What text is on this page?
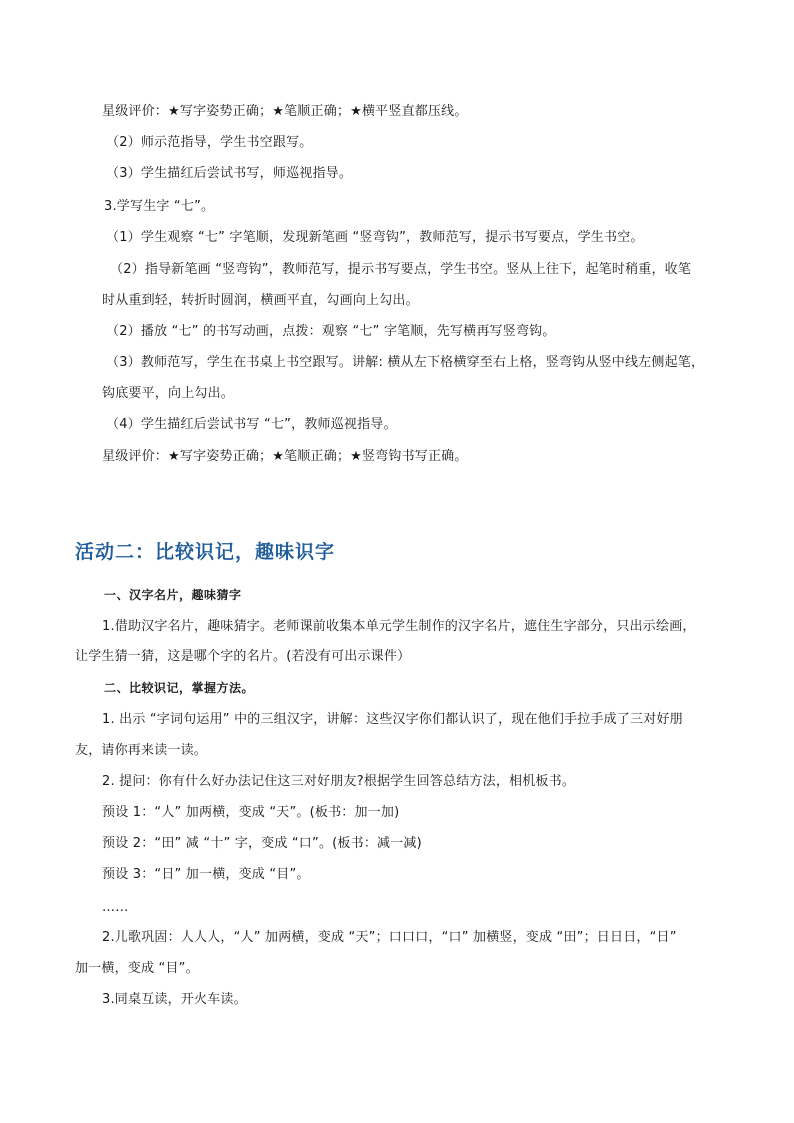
星级评价：★写字姿势正确；★笔顺正确；★横平竖直都压线。
（2）师示范指导，学生书空跟写。
（3）学生描红后尝试书写，师巡视指导。
3.学写生字 “七”。
（1）学生观察 “七” 字笔顺，发现新笔画 “竖弯钩”，教师范写，提示书写要点，学生书空。
（2）指导新笔画 “竖弯钩”，教师范写，提示书写要点，学生书空。竖从上往下，起笔时稍重，收笔
时从重到轻，转折时圆润，横画平直，勾画向上勾出。
（2）播放 “七” 的书写动画，点拨：观察 “七” 字笔顺，先写横再写竖弯钩。
（3）教师范写，学生在书桌上书空跟写。讲解: 横从左下格横穿至右上格，竖弯钩从竖中线左侧起笔，
钩底要平，向上勾出。
（4）学生描红后尝试书写 “七”，教师巡视指导。
星级评价：★写字姿势正确；★笔顺正确；★竖弯钩书写正确。
活动二：比较识记，趣味识字
一、汉字名片，趣味猜字
1.借助汉字名片，趣味猜字。老师课前收集本单元学生制作的汉字名片，遮住生字部分，只出示绘画，
让学生猜一猜，这是哪个字的名片。(若没有可出示课件）
二、比较识记，掌握方法。
1. 出示 “字词句运用” 中的三组汉字，讲解：这些汉字你们都认识了，现在他们手拉手成了三对好朋
友，请你再来读一读。
2. 提问：你有什么好办法记住这三对好朋友?根据学生回答总结方法，相机板书。
预设 1：“人” 加两横，变成 “天”。(板书：加一加)
预设 2：“田” 减 “十” 字，变成 “口”。(板书：减一减)
预设 3：“日” 加一横，变成 “目”。
……
2.儿歌巩固：人人人，“人” 加两横，变成 “天”；口口口，“口” 加横竖，变成 “田”；日日日，“日”
加一横，变成 “目”。
3.同桌互读，开火车读。
